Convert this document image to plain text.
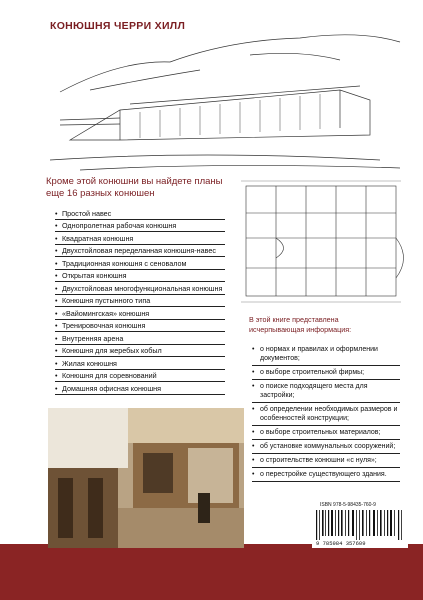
КОНЮШНЯ ЧЕРРИ ХИЛЛ
Кроме этой конюшни вы найдете планы еще 16 разных конюшен
• Простой навес
• Однопролетная рабочая конюшня
• Квадратная конюшня
• Двухстойловая переделанная конюшня-навес
• Традиционная конюшня с сеновалом
• Открытая конюшня
• Двухстойловая многофункциональная конюшня
• Конюшня пустынного типа
• «Вайомингская» конюшня
• Тренировочная конюшня
• Внутренняя арена
• Конюшня для жеребых кобыл
• Жилая конюшня
• Конюшня для соревнований
• Домашняя офисная конюшня
В этой книге представлена исчерпывающая информация:
• о нормах и правилах и оформлении документов;
• о выборе строительной фирмы;
• о поиске подходящего места для застройки;
• об определении необходимых размеров и особенностей конструкции;
• о выборе строительных материалов;
• об установке коммунальных сооружений;
• о строительстве конюшни «с нуля»;
• о перестройке существующего здания.
ISBN 978-5-98435-760-9
9 785984 357609
